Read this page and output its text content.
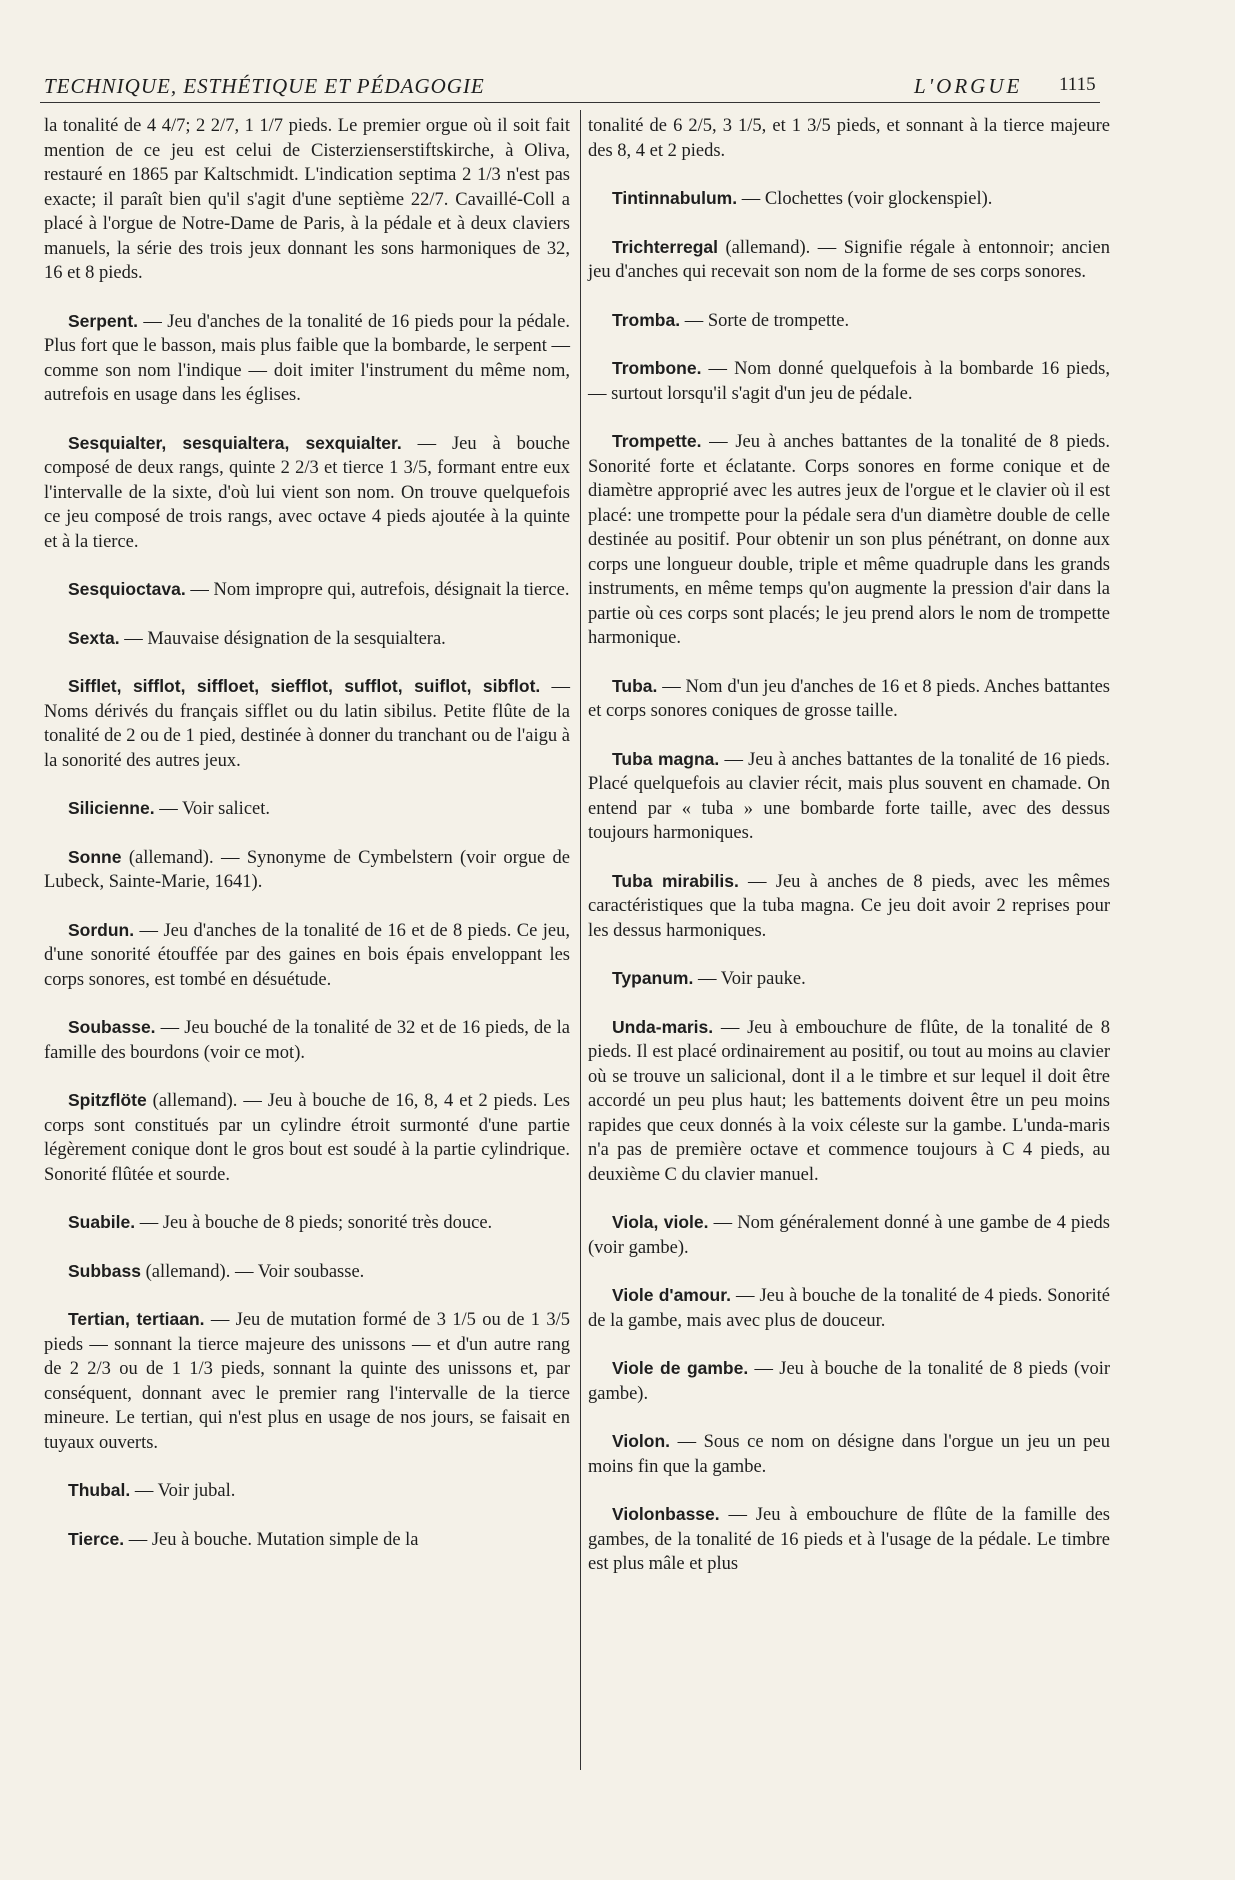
TECHNIQUE, ESTHÉTIQUE ET PÉDAGOGIE	L'ORGUE 1115

la tonalité de 4 4/7; 2 2/7, 1 1/7 pieds. Le premier orgue où il soit fait mention de ce jeu est celui de Cisterzienserstiftskirche, à Oliva, restauré en 1865 par Kaltschmidt. L'indication septima 2 1/3 n'est pas exacte; il paraît bien qu'il s'agit d'une septième 22/7. Cavaillé-Coll a placé à l'orgue de Notre-Dame de Paris, à la pédale et à deux claviers manuels, la série des trois jeux donnant les sons harmoniques de 32, 16 et 8 pieds.

Serpent. — Jeu d'anches de la tonalité de 16 pieds pour la pédale. Plus fort que le basson, mais plus faible que la bombarde, le serpent — comme son nom l'indique — doit imiter l'instrument du même nom, autrefois en usage dans les églises.

Sesquialter, sesquialtera, sexquialter. — Jeu à bouche composé de deux rangs, quinte 2 2/3 et tierce 1 3/5, formant entre eux l'intervalle de la sixte, d'où lui vient son nom. On trouve quelquefois ce jeu composé de trois rangs, avec octave 4 pieds ajoutée à la quinte et à la tierce.

Sesquioctava. — Nom impropre qui, autrefois, désignait la tierce.

Sexta. — Mauvaise désignation de la sesquialtera.

Sifflet, sifflot, siffloet, siefflot, sufflot, suiflot, sibflot. — Noms dérivés du français sifflet ou du latin sibilus. Petite flûte de la tonalité de 2 ou de 1 pied, destinée à donner du tranchant ou de l'aigu à la sonorité des autres jeux.

Silicienne. — Voir salicet.

Sonne (allemand). — Synonyme de Cymbelstern (voir orgue de Lubeck, Sainte-Marie, 1641).

Sordun. — Jeu d'anches de la tonalité de 16 et de 8 pieds. Ce jeu, d'une sonorité étouffée par des gaines en bois épais enveloppant les corps sonores, est tombé en désuétude.

Soubasse. — Jeu bouché de la tonalité de 32 et de 16 pieds, de la famille des bourdons (voir ce mot).

Spitzflöte (allemand). — Jeu à bouche de 16, 8, 4 et 2 pieds. Les corps sont constitués par un cylindre étroit surmonté d'une partie légèrement conique dont le gros bout est soudé à la partie cylindrique. Sonorité flûtée et sourde.

Suabile. — Jeu à bouche de 8 pieds; sonorité très douce.

Subbass (allemand). — Voir soubasse.

Tertian, tertiaan. — Jeu de mutation formé de 3 1/5 ou de 1 3/5 pieds — sonnant la tierce majeure des unissons — et d'un autre rang de 2 2/3 ou de 1 1/3 pieds, sonnant la quinte des unissons et, par conséquent, donnant avec le premier rang l'intervalle de la tierce mineure. Le tertian, qui n'est plus en usage de nos jours, se faisait en tuyaux ouverts.

Thubal. — Voir jubal.

Tierce. — Jeu à bouche. Mutation simple de la

tonalité de 6 2/5, 3 1/5, et 1 3/5 pieds, et sonnant à la tierce majeure des 8, 4 et 2 pieds.

Tintinnabulum. — Clochettes (voir glockenspiel).

Trichterregal (allemand). — Signifie régale à entonnoir; ancien jeu d'anches qui recevait son nom de la forme de ses corps sonores.

Tromba. — Sorte de trompette.

Trombone. — Nom donné quelquefois à la bombarde 16 pieds, — surtout lorsqu'il s'agit d'un jeu de pédale.

Trompette. — Jeu à anches battantes de la tonalité de 8 pieds. Sonorité forte et éclatante. Corps sonores en forme conique et de diamètre approprié avec les autres jeux de l'orgue et le clavier où il est placé: une trompette pour la pédale sera d'un diamètre double de celle destinée au positif. Pour obtenir un son plus pénétrant, on donne aux corps une longueur double, triple et même quadruple dans les grands instruments, en même temps qu'on augmente la pression d'air dans la partie où ces corps sont placés; le jeu prend alors le nom de trompette harmonique.

Tuba. — Nom d'un jeu d'anches de 16 et 8 pieds. Anches battantes et corps sonores coniques de grosse taille.

Tuba magna. — Jeu à anches battantes de la tonalité de 16 pieds. Placé quelquefois au clavier récit, mais plus souvent en chamade. On entend par « tuba » une bombarde forte taille, avec des dessus toujours harmoniques.

Tuba mirabilis. — Jeu à anches de 8 pieds, avec les mêmes caractéristiques que la tuba magna. Ce jeu doit avoir 2 reprises pour les dessus harmoniques.

Typanum. — Voir pauke.

Unda-maris. — Jeu à embouchure de flûte, de la tonalité de 8 pieds. Il est placé ordinairement au positif, ou tout au moins au clavier où se trouve un salicional, dont il a le timbre et sur lequel il doit être accordé un peu plus haut; les battements doivent être un peu moins rapides que ceux donnés à la voix céleste sur la gambe. L'unda-maris n'a pas de première octave et commence toujours à C 4 pieds, au deuxième C du clavier manuel.

Viola, viole. — Nom généralement donné à une gambe de 4 pieds (voir gambe).

Viole d'amour. — Jeu à bouche de la tonalité de 4 pieds. Sonorité de la gambe, mais avec plus de douceur.

Viole de gambe. — Jeu à bouche de la tonalité de 8 pieds (voir gambe).

Violon. — Sous ce nom on désigne dans l'orgue un jeu un peu moins fin que la gambe.

Violonbasse. — Jeu à embouchure de flûte de la famille des gambes, de la tonalité de 16 pieds et à l'usage de la pédale. Le timbre est plus mâle et plus
